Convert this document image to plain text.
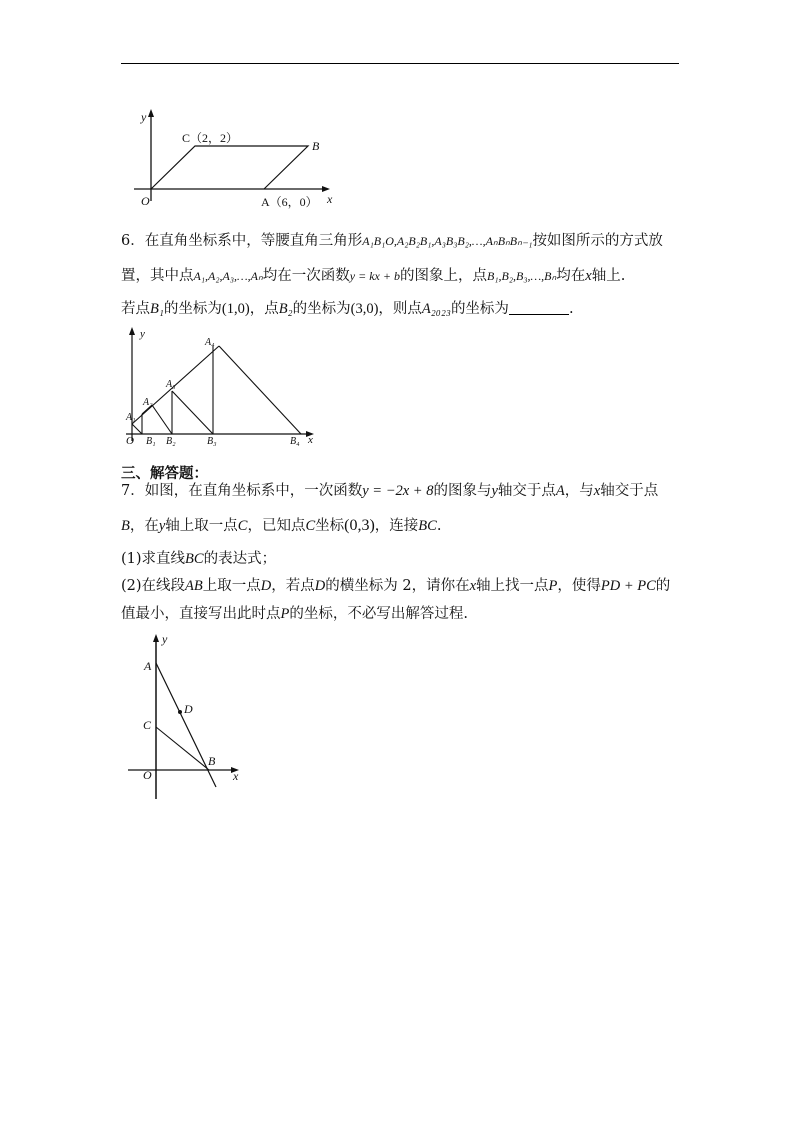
y
x
O
C（2，2）
B
A（6，0）
6．在直角坐标系中，等腰直角三角形A₁B₁O,A₂B₂B₁,A₃B₃B₂,…,AₙBₙBₙ₋₁按如图所示的方式放
置，其中点A₁,A₂,A₃,…,Aₙ均在一次函数y = kx + b的图象上，点B₁,B₂,B₃,…,Bₙ均在x轴上.
若点B₁的坐标为(1,0)，点B₂的坐标为(3,0)，则点A₂₀₂₃的坐标为	.
y
x
O
A₁
A₂
A₃
A₄
B₁ B₂	B₃	B₄
三、解答题：
7．如图，在直角坐标系中，一次函数y = −2x + 8的图象与y轴交于点A，与x轴交于点
B，在y轴上取一点C，已知点C坐标(0,3)，连接BC.
(1)求直线BC的表达式；
(2)在线段AB上取一点D，若点D的横坐标为 2，请你在x轴上找一点P，使得PD + PC的
值最小，直接写出此时点P的坐标，不必写出解答过程.
y
x
O
A
C
D
B
